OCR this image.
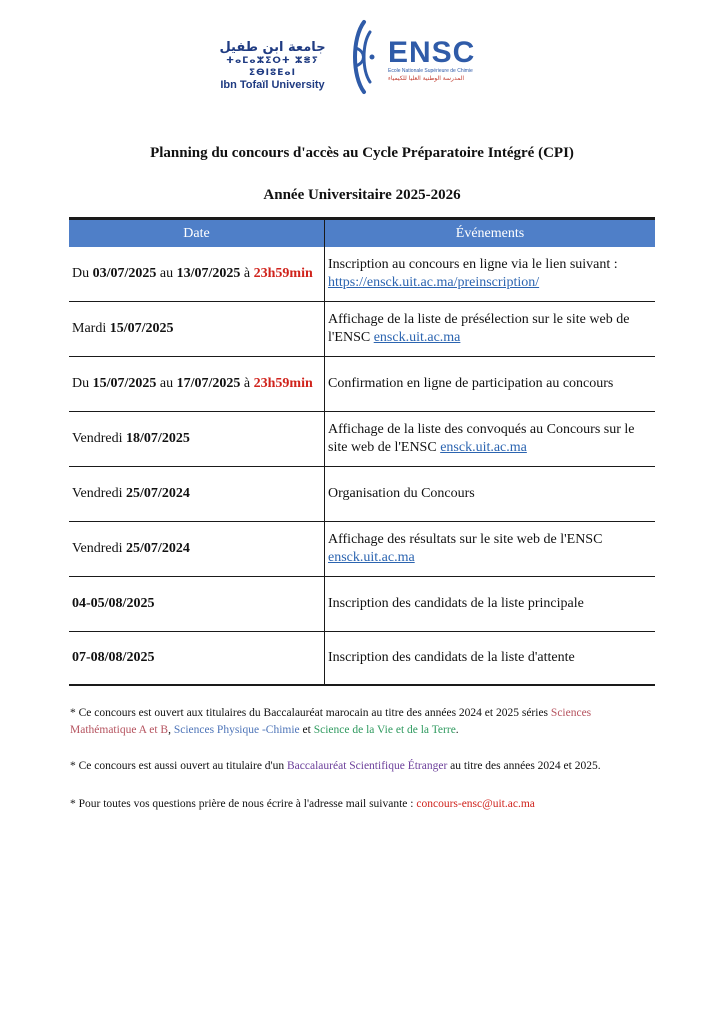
جامعة ابن طفيل
ⵜⴰⵎⴰⵣⵉⵔⵜ ⵣⴻⵢ ⵉⴱⵏⵓⴹⴰⵏ
Ibn Tofaïl University
ENSC
Ecole Nationale Supérieure de Chimie
المدرسة الوطنية العليا للكيمياء
Planning du concours d'accès au Cycle Préparatoire Intégré (CPI)
Année Universitaire 2025-2026
Date	Événements
Du 03/07/2025 au 13/07/2025 à 23h59min	Inscription au concours en ligne via le lien suivant :
https://ensck.uit.ac.ma/preinscription/
Mardi 15/07/2025	Affichage de la liste de présélection sur le site web de l'ENSC ensck.uit.ac.ma
Du 15/07/2025 au 17/07/2025 à 23h59min	Confirmation en ligne de participation au concours
Vendredi 18/07/2025	Affichage de la liste des convoqués au Concours sur le site web de l'ENSC ensck.uit.ac.ma
Vendredi 25/07/2024	Organisation du Concours
Vendredi 25/07/2024	Affichage des résultats sur le site web de l'ENSC
ensck.uit.ac.ma
04-05/08/2025	Inscription des candidats de la liste principale
07-08/08/2025	Inscription des candidats de la liste d'attente
* Ce concours est ouvert aux titulaires du Baccalauréat marocain au titre des années 2024 et 2025 séries Sciences Mathématique A et B, Sciences Physique -Chimie et Science de la Vie et de la Terre.
* Ce concours est aussi ouvert au titulaire d'un Baccalauréat Scientifique Étranger au titre des années 2024 et 2025.
* Pour toutes vos questions prière de nous écrire à l'adresse mail suivante : concours-ensc@uit.ac.ma
